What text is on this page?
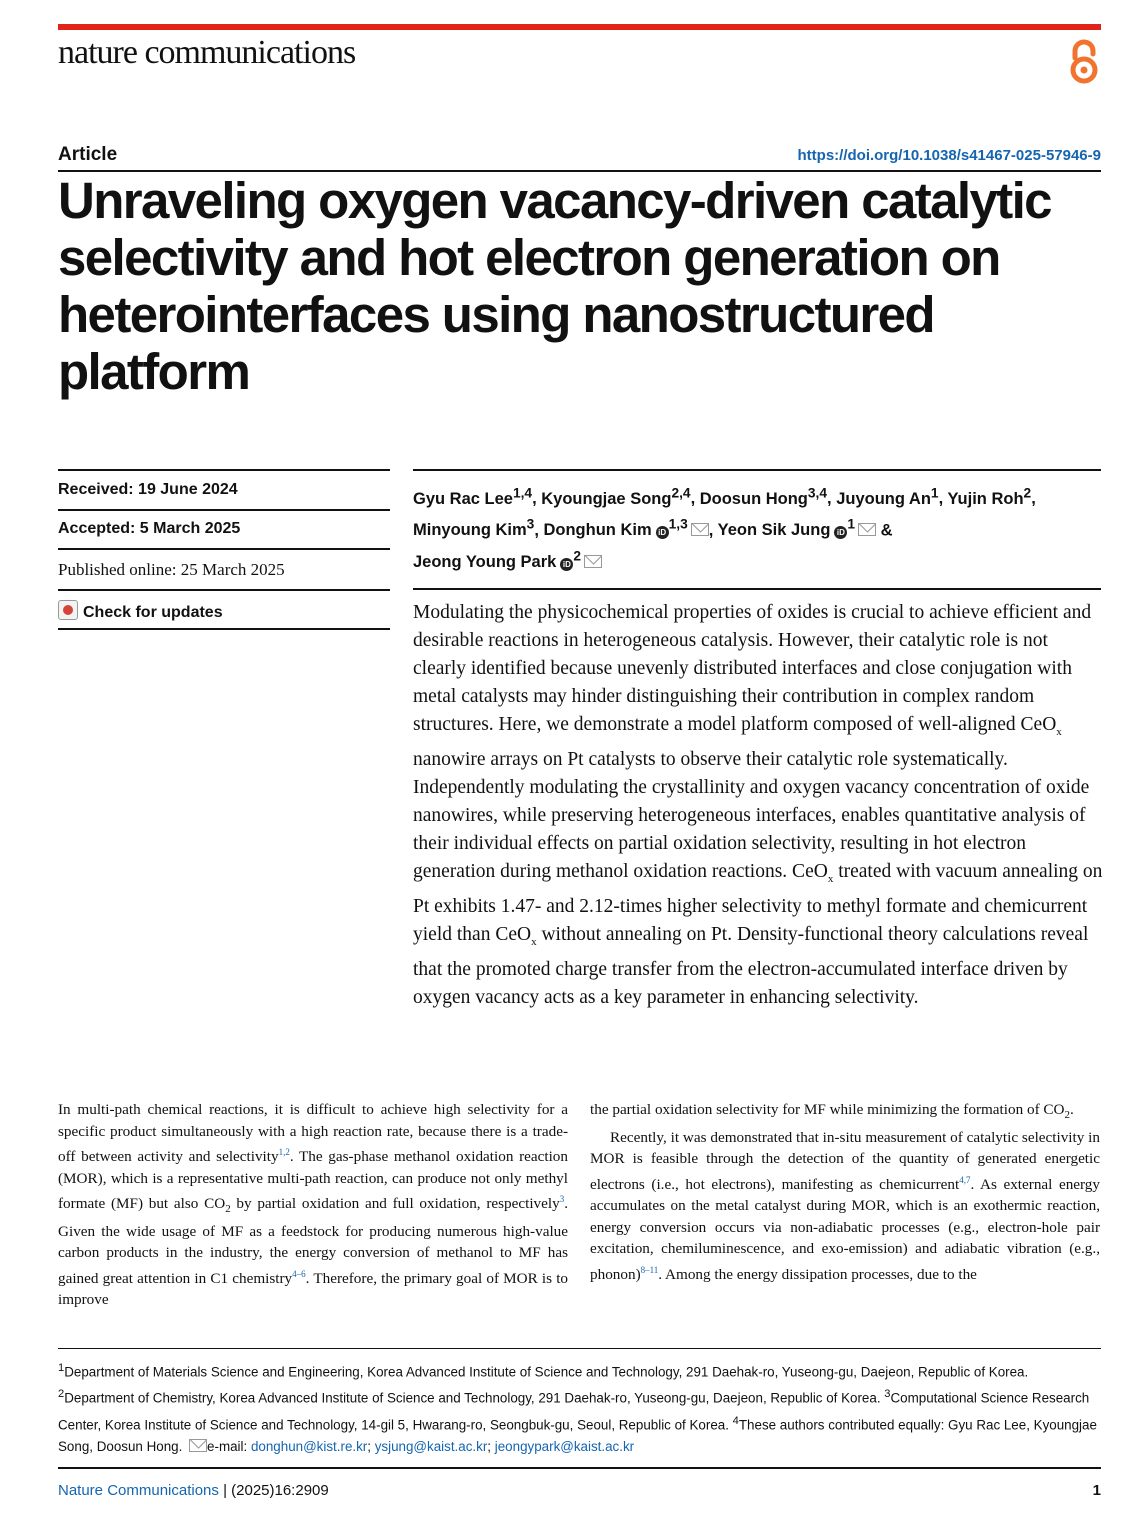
nature communications
Article	https://doi.org/10.1038/s41467-025-57946-9
Unraveling oxygen vacancy-driven catalytic selectivity and hot electron generation on heterointerfaces using nanostructured platform
Received: 19 June 2024
Accepted: 5 March 2025
Published online: 25 March 2025
Check for updates
Gyu Rac Lee$^{1,4}$, Kyoungjae Song$^{2,4}$, Doosun Hong$^{3,4}$, Juyoung An$^1$, Yujin Roh$^2$,
Minyoung Kim$^3$, Donghun Kim iD$^{1,3}$ , Yeon Sik Jung $iD^1$ &
Jeong Young Park $iD^2$

Modulating the physicochemical properties of oxides is crucial to achieve efficient and desirable reactions in heterogeneous catalysis. However, their catalytic role is not clearly identified because unevenly distributed interfaces and close conjugation with metal catalysts may hinder distinguishing their contribution in complex random structures. Here, we demonstrate a model platform composed of well-aligned CeO$_x$ nanowire arrays on Pt catalysts to observe their catalytic role systematically. Independently modulating the crystallinity and oxygen vacancy concentration of oxide nanowires, while preserving heterogeneous interfaces, enables quantitative analysis of their individual effects on partial oxidation selectivity, resulting in hot electron generation during methanol oxidation reactions. CeO$_x$ treated with vacuum annealing on Pt exhibits 1.47- and 2.12-times higher selectivity to methyl formate and chemicurrent yield than CeO$_x$ without annealing on Pt. Density-functional theory calculations reveal that the promoted charge transfer from the electron-accumulated interface driven by oxygen vacancy acts as a key parameter in enhancing selectivity.

In multi-path chemical reactions, it is difficult to achieve high selectivity for a specific product simultaneously with a high reaction rate, because there is a trade-off between activity and selectivity$^{1,2}$. The gas-phase methanol oxidation reaction (MOR), which is a representative multi-path reaction, can produce not only methyl formate (MF) but also $CO_2$ by partial oxidation and full oxidation, respectively$^3$. Given the wide usage of MF as a feedstock for producing numerous high-value carbon products in the industry, the energy conversion of methanol to MF has gained great attention in C1 chemistry$^{4-6}$. Therefore, the primary goal of MOR is to improve

the partial oxidation selectivity for MF while minimizing the formation of $CO_2$.

Recently, it was demonstrated that in-situ measurement of catalytic selectivity in MOR is feasible through the detection of the quantity of generated energetic electrons (i.e., hot electrons), manifesting as chemicurrent$^{4,7}$. As external energy accumulates on the metal catalyst during MOR, which is an exothermic reaction, energy conversion occurs via non-adiabatic processes (e.g., electron-hole pair excitation, chemiluminescence, and exo-emission) and adiabatic vibration (e.g., phonon)$^{8-11}$. Among the energy dissipation processes, due to the

$^1$Department of Materials Science and Engineering, Korea Advanced Institute of Science and Technology, 291 Daehak-ro, Yuseong-gu, Daejeon, Republic of Korea. $^2$Department of Chemistry, Korea Advanced Institute of Science and Technology, 291 Daehak-ro, Yuseong-gu, Daejeon, Republic of Korea. $^3$Computational Science Research Center, Korea Institute of Science and Technology, 14-gil 5, Hwarang-ro, Seongbuk-gu, Seoul, Republic of Korea. $^4$These authors contributed equally: Gyu Rac Lee, Kyoungjae Song, Doosun Hong. e-mail: donghun@kist.re.kr; ysjung@kaist.ac.kr; jeongypark@kaist.ac.kr

Nature Communications | (2025)16:2909	1
